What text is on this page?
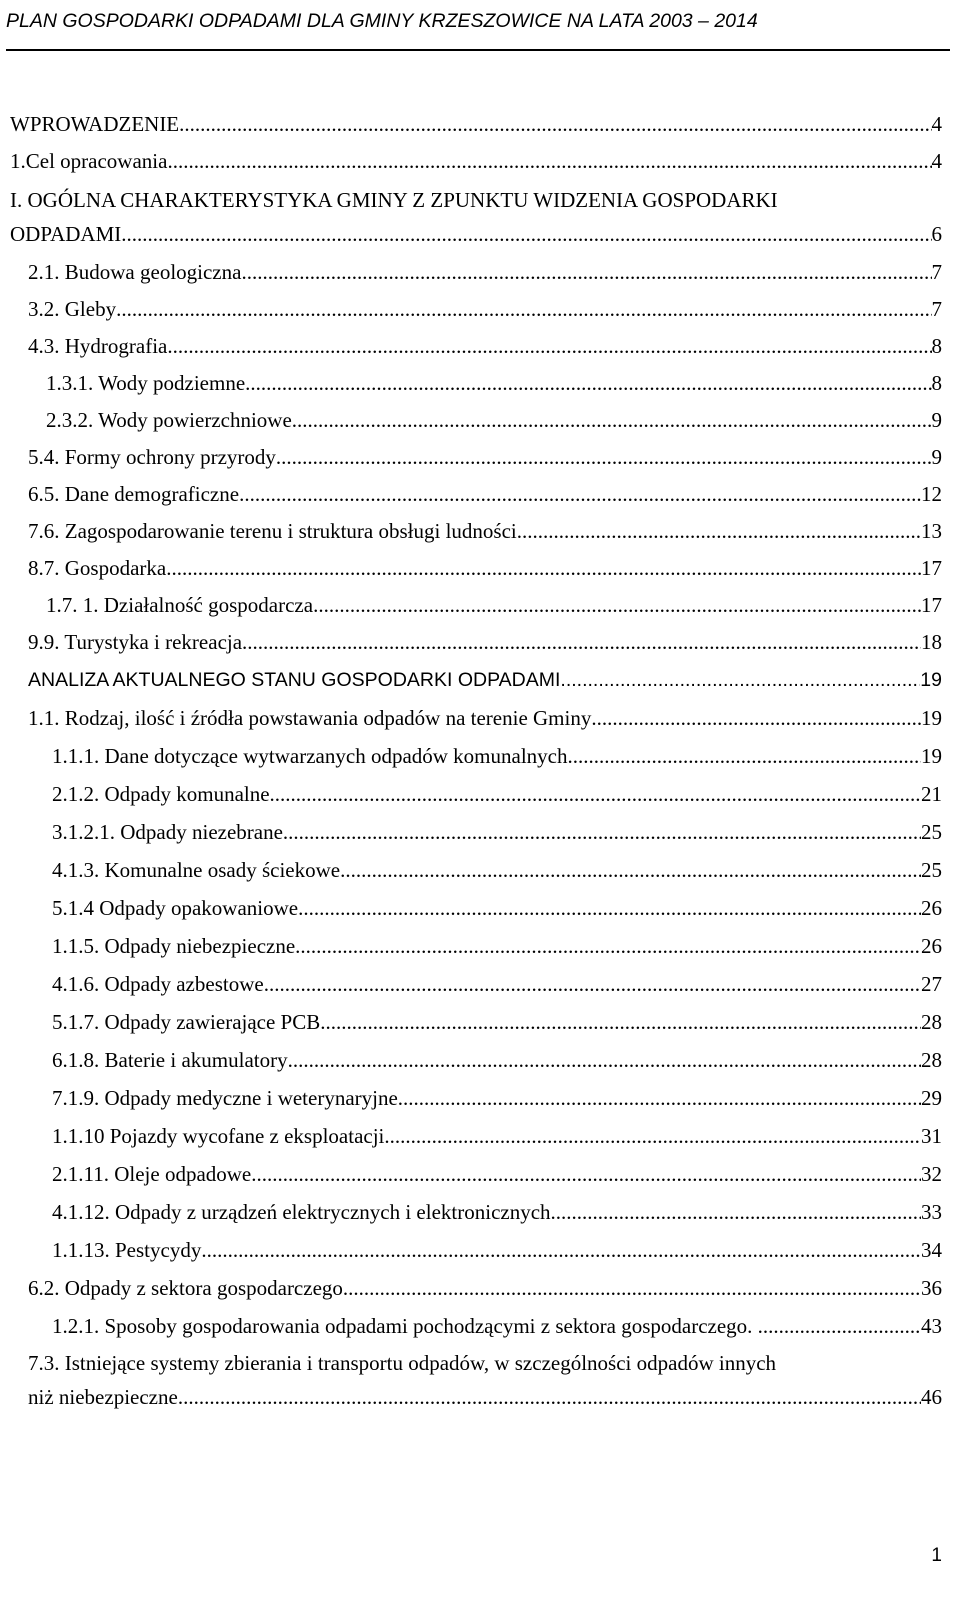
PLAN GOSPODARKI ODPADAMI DLA GMINY KRZESZOWICE NA LATA 2003 – 2014
WPROWADZENIE .....	4
1.Cel opracowania .....	4
I. OGÓLNA CHARAKTERYSTYKA GMINY Z ZPUNKTU WIDZENIA GOSPODARKI
ODPADAMI .....	6
2.1. Budowa geologiczna .....	7
3.2. Gleby .....	7
4.3. Hydrografia .....	8
1.3.1. Wody podziemne .....	8
2.3.2. Wody powierzchniowe .....	9
5.4. Formy ochrony przyrody .....	9
6.5. Dane demograficzne .....	12
7.6. Zagospodarowanie terenu i struktura obsługi ludności .....	13
8.7. Gospodarka .....	17
1.7. 1. Działalność gospodarcza .....	17
9.9. Turystyka i rekreacja .....	18
ANALIZA AKTUALNEGO STANU GOSPODARKI ODPADAMI .....	19
1.1. Rodzaj, ilość i źródła powstawania odpadów na terenie Gminy .....	19
1.1.1. Dane dotyczące wytwarzanych odpadów komunalnych. .....	19
2.1.2. Odpady komunalne .....	21
3.1.2.1. Odpady niezebrane .....	25
4.1.3. Komunalne osady ściekowe .....	25
5.1.4 Odpady opakowaniowe .....	26
1.1.5. Odpady niebezpieczne .....	26
4.1.6. Odpady azbestowe .....	27
5.1.7. Odpady zawierające PCB .....	28
6.1.8. Baterie i akumulatory .....	28
7.1.9. Odpady medyczne i weterynaryjne .....	29
1.1.10 Pojazdy wycofane z eksploatacji .....	31
2.1.11. Oleje odpadowe .....	32
4.1.12. Odpady z urządzeń elektrycznych i elektronicznych .....	33
1.1.13. Pestycydy .....	34
6.2. Odpady z sektora gospodarczego .....	36
1.2.1. Sposoby gospodarowania odpadami pochodzącymi z sektora gospodarczego. . .....	43
7.3. Istniejące systemy zbierania i transportu odpadów, w szczególności odpadów innych
niż niebezpieczne. .....	46
1
